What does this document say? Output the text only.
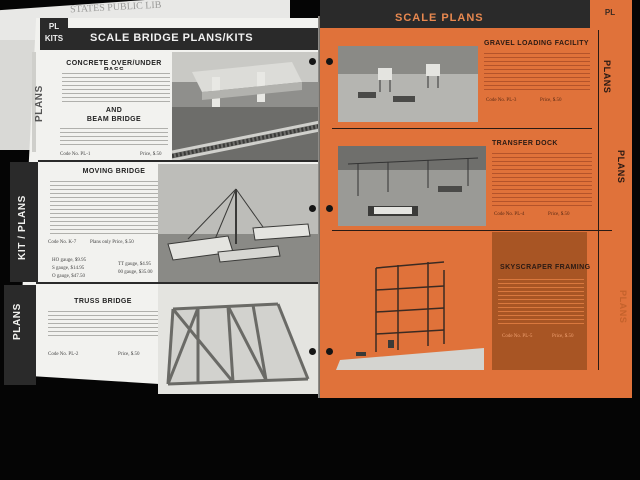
STATES PUBLIC LIB
SCALE BRIDGE PLANS/KITS
PL
KITS
PLANS
KIT / PLANS
PLANS
CONCRETE OVER/UNDER
AND
BEAM BRIDGE
Code No. PL-1	Price, $.50
MOVING BRIDGE
Code No. K-7	Plans only Price, $.50
HO gauge, $9.95
S gauge, $14.95
O gauge, $47.50
TT gauge, $4.95
00 gauge, $35.00
TRUSS BRIDGE
Code No. PL-2	Price, $.50
SCALE PLANS	PL
PLANS
PLANS
PLANS
GRAVEL LOADING FACILITY
Code No. PL-3	Price, $.50
TRANSFER DOCK
Code No. PL-4	Price, $.50
SKYSCRAPER FRAMING
Code No. PL-5	Price, $.50
